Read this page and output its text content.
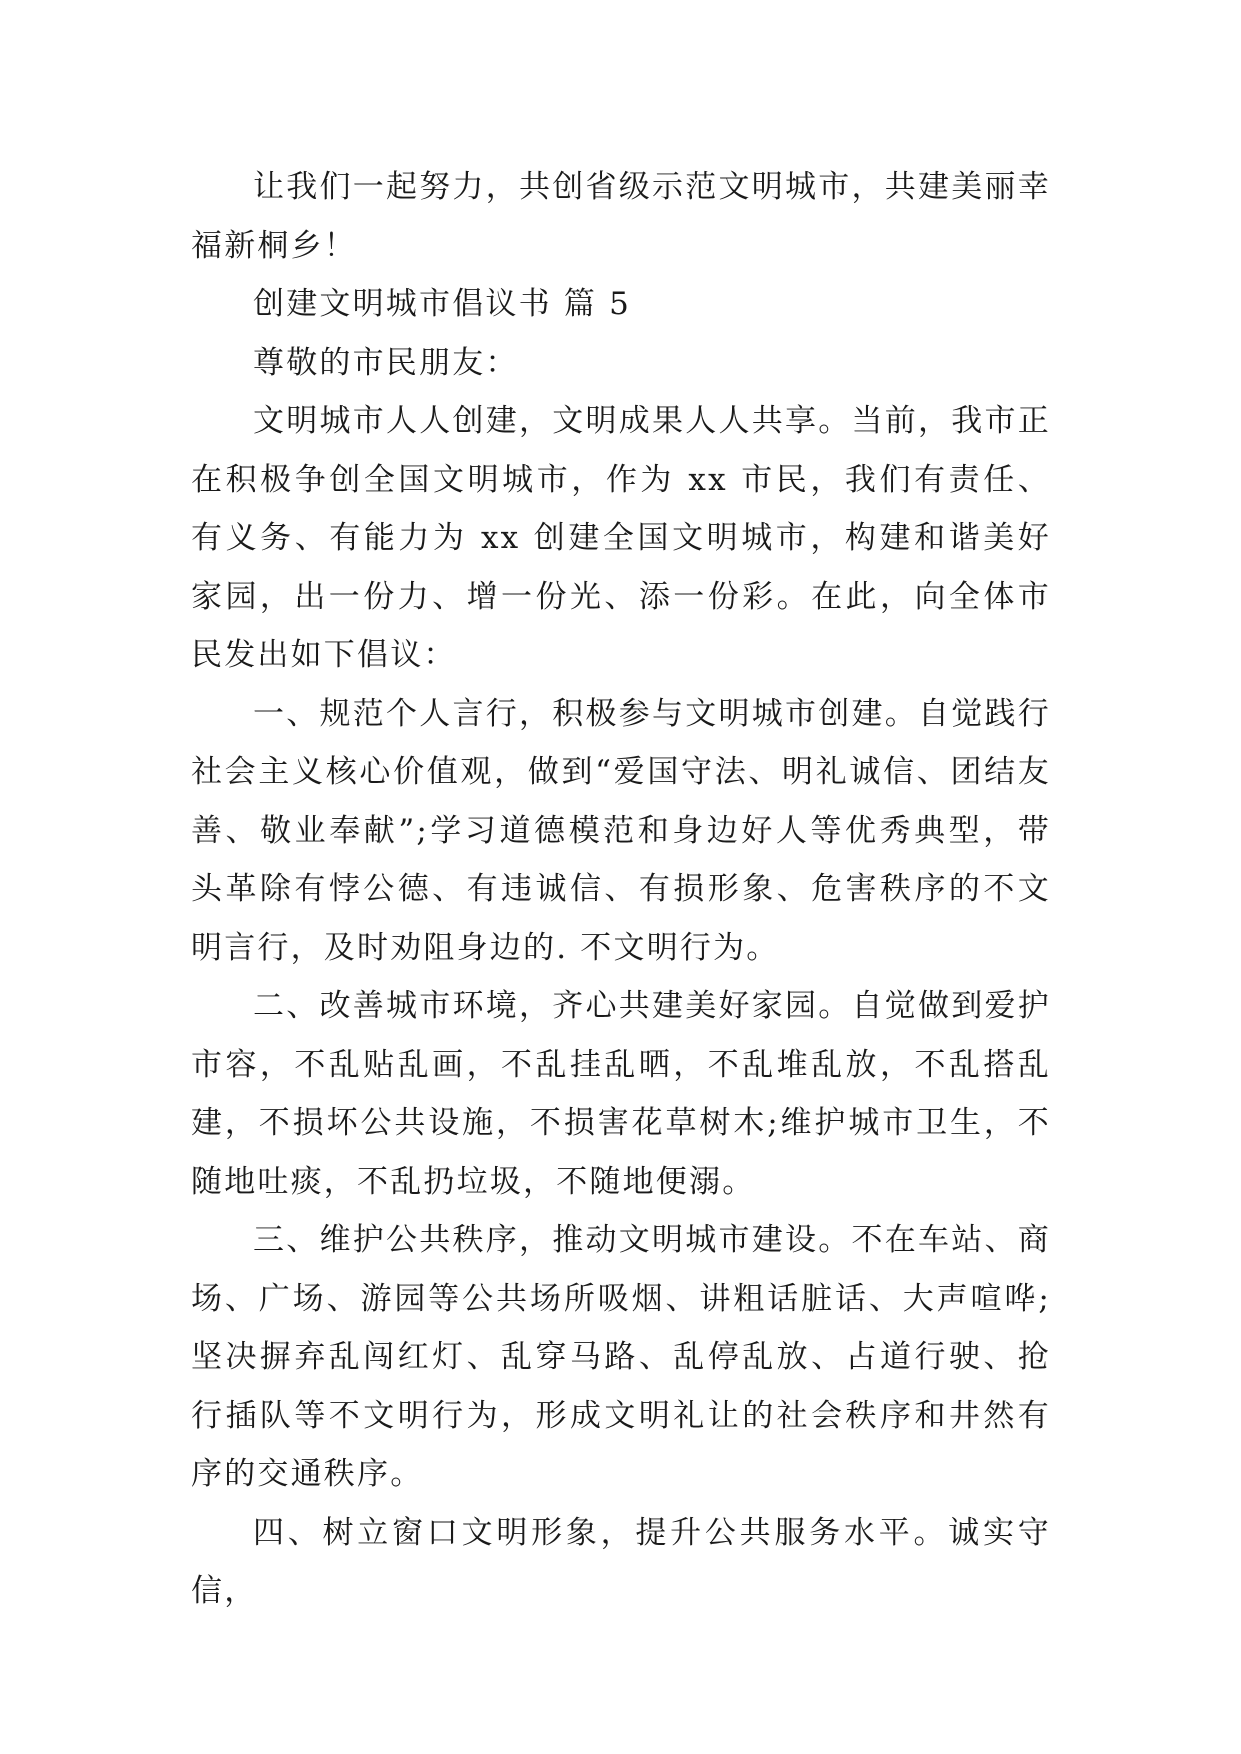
让我们一起努力，共创省级示范文明城市，共建美丽幸福新桐乡！

创建文明城市倡议书 篇 5

尊敬的市民朋友：

文明城市人人创建，文明成果人人共享。当前，我市正在积极争创全国文明城市，作为 xx 市民，我们有责任、有义务、有能力为 xx 创建全国文明城市，构建和谐美好家园，出一份力、增一份光、添一份彩。在此，向全体市民发出如下倡议：

一、规范个人言行，积极参与文明城市创建。自觉践行社会主义核心价值观，做到“爱国守法、明礼诚信、团结友善、敬业奉献”;学习道德模范和身边好人等优秀典型，带头革除有悖公德、有违诚信、有损形象、危害秩序的不文明言行，及时劝阻身边的. 不文明行为。

二、改善城市环境，齐心共建美好家园。自觉做到爱护市容，不乱贴乱画，不乱挂乱晒，不乱堆乱放，不乱搭乱建，不损坏公共设施，不损害花草树木;维护城市卫生，不随地吐痰，不乱扔垃圾，不随地便溺。

三、维护公共秩序，推动文明城市建设。不在车站、商场、广场、游园等公共场所吸烟、讲粗话脏话、大声喧哗;坚决摒弃乱闯红灯、乱穿马路、乱停乱放、占道行驶、抢行插队等不文明行为，形成文明礼让的社会秩序和井然有序的交通秩序。

四、树立窗口文明形象，提升公共服务水平。诚实守信，
